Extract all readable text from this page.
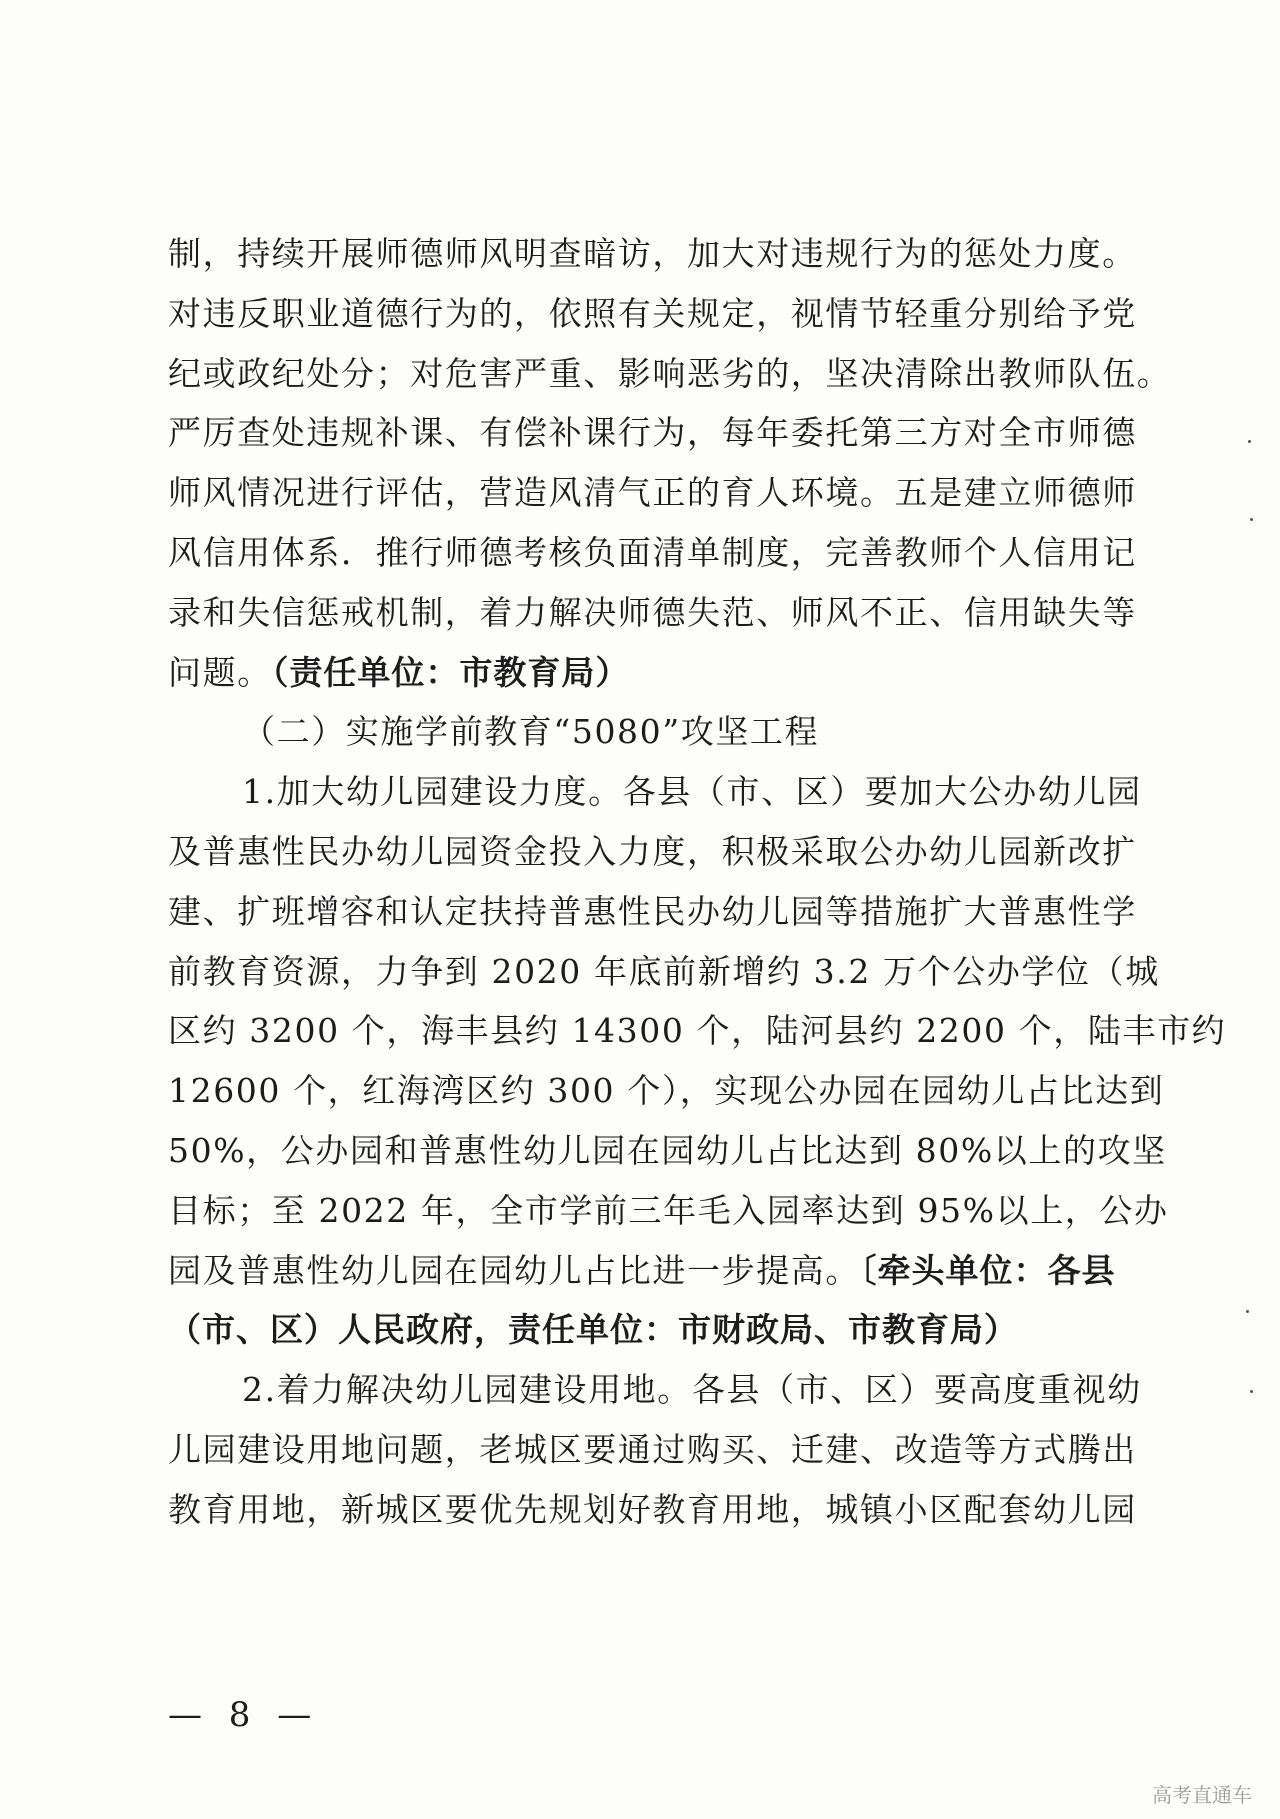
制，持续开展师德师风明查暗访，加大对违规行为的惩处力度。
对违反职业道德行为的，依照有关规定，视情节轻重分别给予党
纪或政纪处分；对危害严重、影响恶劣的，坚决清除出教师队伍。
严厉查处违规补课、有偿补课行为，每年委托第三方对全市师德
师风情况进行评估，营造风清气正的育人环境。五是建立师德师
风信用体系．推行师德考核负面清单制度，完善教师个人信用记
录和失信惩戒机制，着力解决师德失范、师风不正、信用缺失等
问题。（责任单位：市教育局）
（二）实施学前教育“5080”攻坚工程
1.加大幼儿园建设力度。各县（市、区）要加大公办幼儿园
及普惠性民办幼儿园资金投入力度，积极采取公办幼儿园新改扩
建、扩班增容和认定扶持普惠性民办幼儿园等措施扩大普惠性学
前教育资源，力争到 2020 年底前新增约 3.2 万个公办学位（城
区约 3200 个，海丰县约 14300 个，陆河县约 2200 个，陆丰市约
12600 个，红海湾区约 300 个），实现公办园在园幼儿占比达到
50%，公办园和普惠性幼儿园在园幼儿占比达到 80%以上的攻坚
目标；至 2022 年，全市学前三年毛入园率达到 95%以上，公办
园及普惠性幼儿园在园幼儿占比进一步提高。〔牵头单位：各县
（市、区）人民政府，责任单位：市财政局、市教育局）
2.着力解决幼儿园建设用地。各县（市、区）要高度重视幼
儿园建设用地问题，老城区要通过购买、迁建、改造等方式腾出
教育用地，新城区要优先规划好教育用地，城镇小区配套幼儿园
— 8 —
高考直通车
